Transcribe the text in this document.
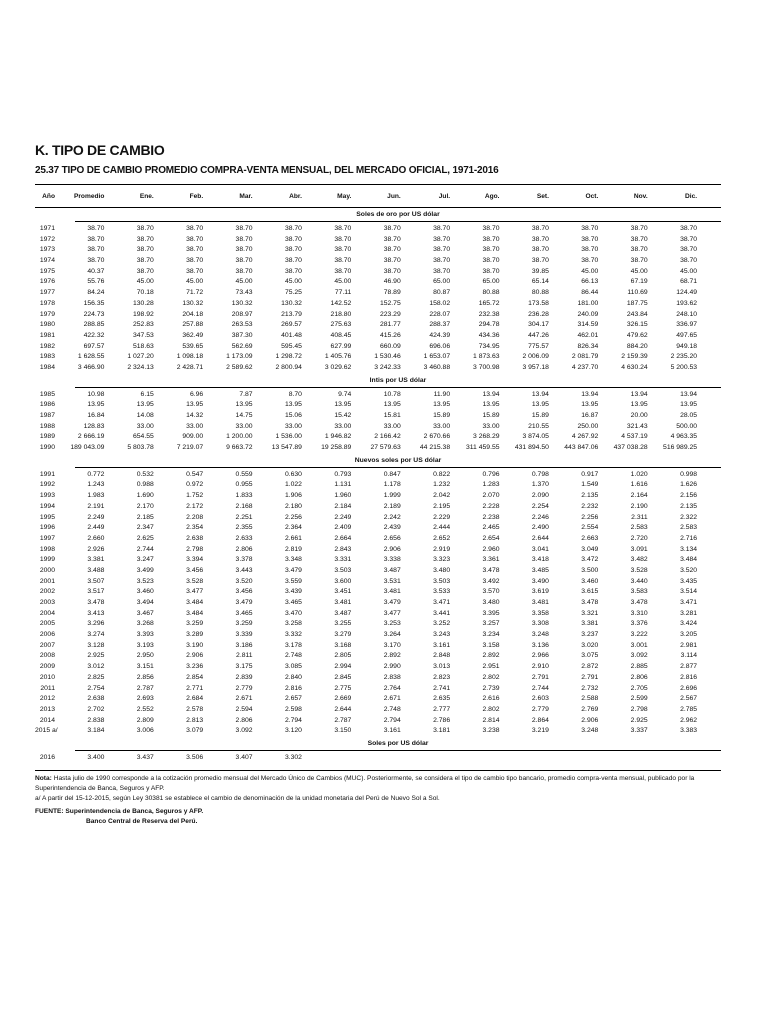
K. TIPO DE CAMBIO
25.37 TIPO DE CAMBIO PROMEDIO COMPRA-VENTA MENSUAL, DEL MERCADO OFICIAL, 1971-2016
Año	Promedio	Ene.	Feb.	Mar.	Abr.	May.	Jun.	Jul.	Ago.	Set.	Oct.	Nov.	Dic.
Soles de oro por US dólar
1971	38.70	38.70	38.70	38.70	38.70	38.70	38.70	38.70	38.70	38.70	38.70	38.70	38.70
1972	38.70	38.70	38.70	38.70	38.70	38.70	38.70	38.70	38.70	38.70	38.70	38.70	38.70
1973	38.70	38.70	38.70	38.70	38.70	38.70	38.70	38.70	38.70	38.70	38.70	38.70	38.70
1974	38.70	38.70	38.70	38.70	38.70	38.70	38.70	38.70	38.70	38.70	38.70	38.70	38.70
1975	40.37	38.70	38.70	38.70	38.70	38.70	38.70	38.70	38.70	39.85	45.00	45.00	45.00
1976	55.76	45.00	45.00	45.00	45.00	45.00	46.90	65.00	65.00	65.14	66.13	67.19	68.71
1977	84.24	70.18	71.72	73.43	75.25	77.11	78.89	80.87	80.88	80.88	86.44	110.69	124.49
1978	156.35	130.28	130.32	130.32	130.32	142.52	152.75	158.02	165.72	173.58	181.00	187.75	193.62
1979	224.73	198.92	204.18	208.97	213.79	218.80	223.29	228.07	232.38	236.28	240.09	243.84	248.10
1980	288.85	252.83	257.88	263.53	269.57	275.63	281.77	288.37	294.78	304.17	314.59	326.15	336.97
1981	422.32	347.53	362.49	387.30	401.48	408.45	415.26	424.39	434.36	447.26	462.01	479.62	497.65
1982	697.57	518.63	539.65	562.69	595.45	627.99	660.09	696.06	734.95	775.57	826.34	884.20	949.18
1983	1 628.55	1 027.20	1 098.18	1 173.09	1 298.72	1 405.76	1 530.46	1 653.07	1 873.63	2 006.09	2 081.79	2 159.39	2 235.20
1984	3 466.90	2 324.13	2 428.71	2 589.62	2 800.94	3 029.62	3 242.33	3 460.88	3 700.98	3 957.18	4 237.70	4 630.24	5 200.53
Intis por US dólar
1985	10.98	6.15	6.96	7.87	8.70	9.74	10.78	11.90	13.94	13.94	13.94	13.94	13.94
1986	13.95	13.95	13.95	13.95	13.95	13.95	13.95	13.95	13.95	13.95	13.95	13.95	13.95
1987	16.84	14.08	14.32	14.75	15.06	15.42	15.81	15.89	15.89	15.89	16.87	20.00	28.05
1988	128.83	33.00	33.00	33.00	33.00	33.00	33.00	33.00	33.00	210.55	250.00	321.43	500.00
1989	2 666.19	654.55	909.00	1 200.00	1 536.00	1 946.82	2 166.42	2 670.66	3 268.29	3 874.05	4 267.92	4 537.19	4 963.35
1990	189 043.09	5 803.78	7 219.07	9 663.72	13 547.89	19 258.89	27 579.63	44 215.38	311 459.55	431 894.50	443 847.06	437 038.28	516 989.25
Nuevos soles por US dólar
1991	0.772	0.532	0.547	0.559	0.630	0.793	0.847	0.822	0.796	0.798	0.917	1.020	0.998
1992	1.243	0.988	0.972	0.955	1.022	1.131	1.178	1.232	1.283	1.370	1.549	1.616	1.626
1993	1.983	1.690	1.752	1.833	1.906	1.960	1.999	2.042	2.070	2.090	2.135	2.164	2.156
1994	2.191	2.170	2.172	2.168	2.180	2.184	2.189	2.195	2.228	2.254	2.232	2.190	2.135
1995	2.249	2.185	2.208	2.251	2.256	2.249	2.242	2.229	2.238	2.246	2.256	2.311	2.322
1996	2.449	2.347	2.354	2.355	2.364	2.409	2.439	2.444	2.465	2.490	2.554	2.583	2.583
1997	2.660	2.625	2.638	2.633	2.661	2.664	2.656	2.652	2.654	2.644	2.663	2.720	2.716
1998	2.926	2.744	2.798	2.806	2.819	2.843	2.906	2.919	2.960	3.041	3.049	3.091	3.134
1999	3.381	3.247	3.394	3.378	3.348	3.331	3.338	3.323	3.361	3.418	3.472	3.482	3.484
2000	3.488	3.499	3.456	3.443	3.479	3.503	3.487	3.480	3.478	3.485	3.500	3.528	3.520
2001	3.507	3.523	3.528	3.520	3.559	3.600	3.531	3.503	3.492	3.490	3.460	3.440	3.435
2002	3.517	3.460	3.477	3.456	3.439	3.451	3.481	3.533	3.570	3.619	3.615	3.583	3.514
2003	3.478	3.494	3.484	3.479	3.465	3.481	3.479	3.471	3.480	3.481	3.478	3.478	3.471
2004	3.413	3.467	3.484	3.465	3.470	3.487	3.477	3.441	3.395	3.358	3.321	3.310	3.281
2005	3.296	3.268	3.259	3.259	3.258	3.255	3.253	3.252	3.257	3.308	3.381	3.376	3.424
2006	3.274	3.393	3.289	3.339	3.332	3.279	3.264	3.243	3.234	3.248	3.237	3.222	3.205
2007	3.128	3.193	3.190	3.186	3.178	3.168	3.170	3.161	3.158	3.136	3.020	3.001	2.981
2008	2.925	2.950	2.906	2.811	2.748	2.805	2.892	2.848	2.892	2.966	3.075	3.092	3.114
2009	3.012	3.151	3.236	3.175	3.085	2.994	2.990	3.013	2.951	2.910	2.872	2.885	2.877
2010	2.825	2.856	2.854	2.839	2.840	2.845	2.838	2.823	2.802	2.791	2.791	2.806	2.816
2011	2.754	2.787	2.771	2.779	2.816	2.775	2.764	2.741	2.739	2.744	2.732	2.705	2.696
2012	2.638	2.693	2.684	2.671	2.657	2.669	2.671	2.635	2.616	2.603	2.588	2.599	2.567
2013	2.702	2.552	2.578	2.594	2.598	2.644	2.748	2.777	2.802	2.779	2.769	2.798	2.785
2014	2.838	2.809	2.813	2.806	2.794	2.787	2.794	2.786	2.814	2.864	2.906	2.925	2.962
2015 a/	3.184	3.006	3.079	3.092	3.120	3.150	3.161	3.181	3.238	3.219	3.248	3.337	3.383
Soles por US dólar
2016	3.400	3.437	3.506	3.407	3.302
Nota: Hasta julio de 1990 corresponde a la cotización promedio mensual del Mercado Único de Cambios (MUC). Posteriormente, se considera el tipo de cambio tipo bancario, promedio compra-venta mensual, publicado por la Superintendencia de Banca, Seguros y AFP.
a/ A partir del 15-12-2015, según Ley 30381 se establece el cambio de denominación de la unidad monetaria del Perú de Nuevo Sol a Sol.
FUENTE: Superintendencia de Banca, Seguros y AFP.
Banco Central de Reserva del Perú.
